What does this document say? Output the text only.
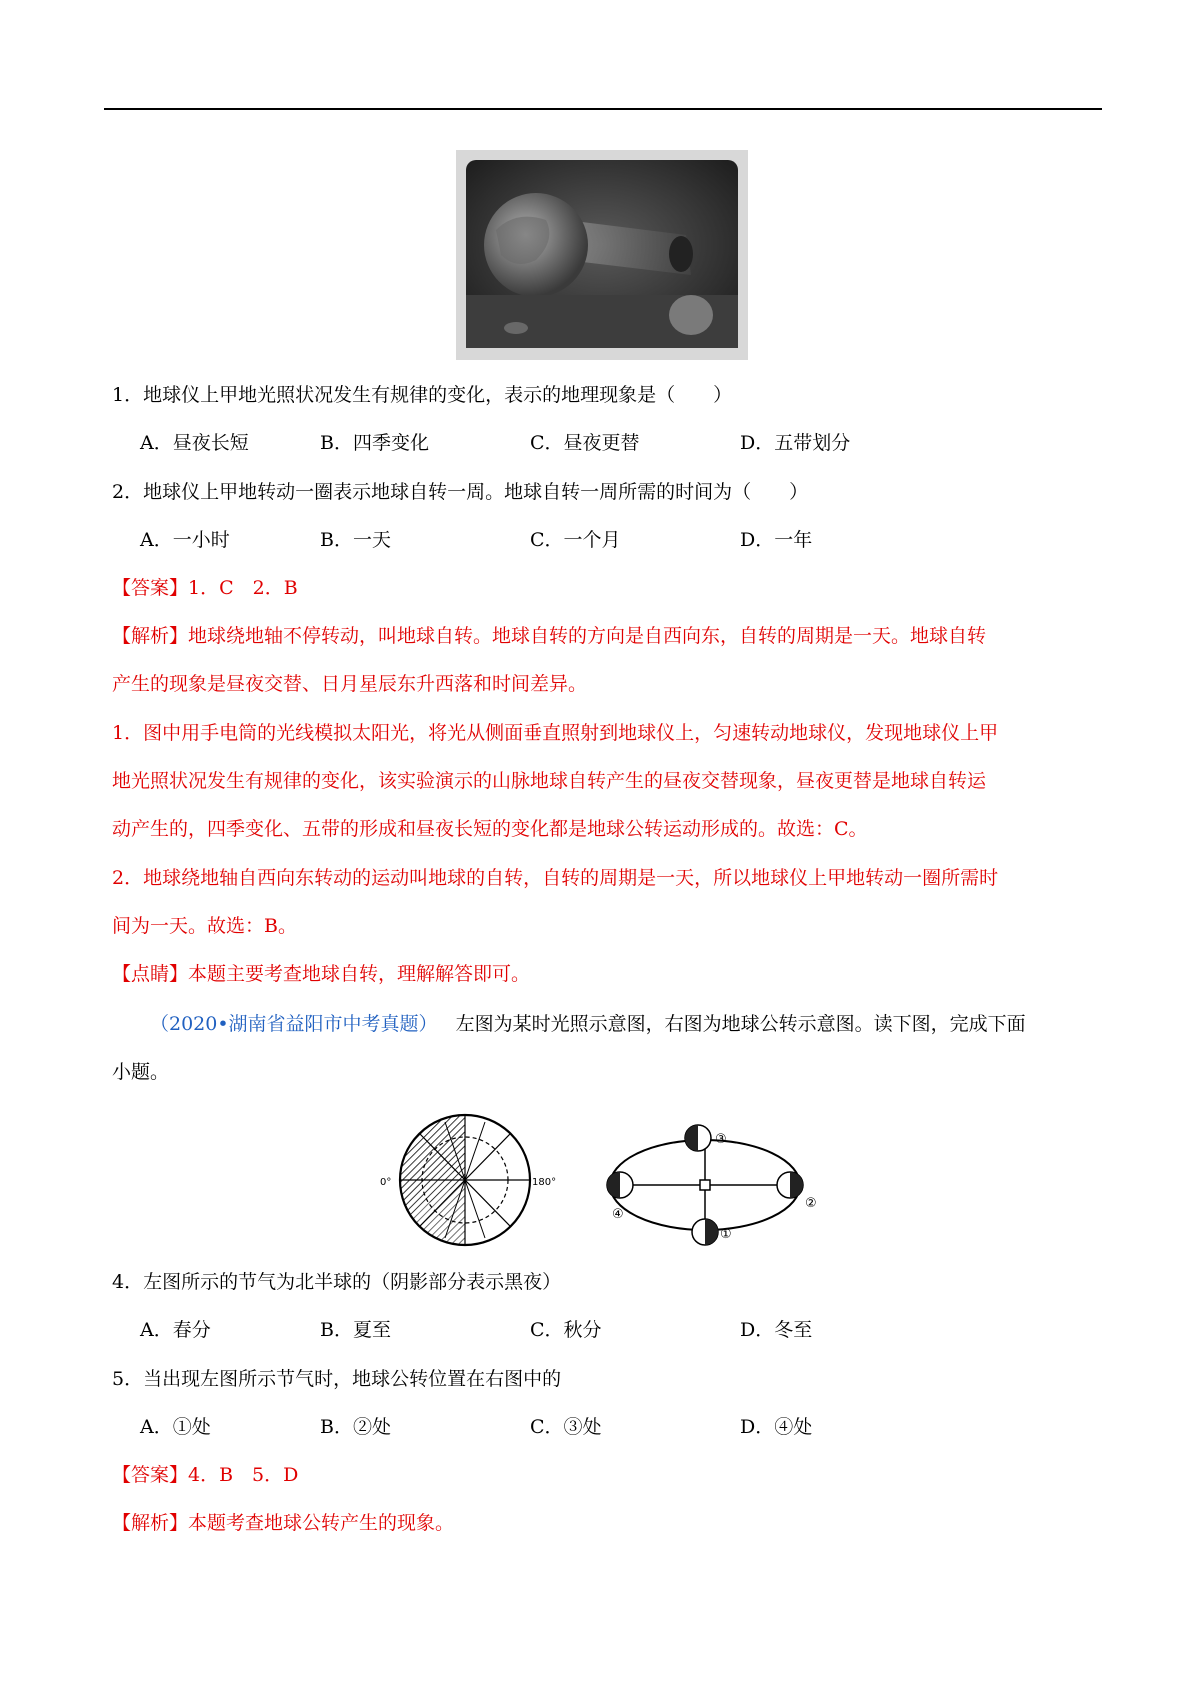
1．地球仪上甲地光照状况发生有规律的变化，表示的地理现象是（　　）
A．昼夜长短	B．四季变化	C．昼夜更替	D．五带划分
2．地球仪上甲地转动一圈表示地球自转一周。地球自转一周所需的时间为（　　）
A．一小时	B．一天	C．一个月	D．一年
【答案】1．C　2．B
【解析】地球绕地轴不停转动，叫地球自转。地球自转的方向是自西向东，自转的周期是一天。地球自转
产生的现象是昼夜交替、日月星辰东升西落和时间差异。
1．图中用手电筒的光线模拟太阳光，将光从侧面垂直照射到地球仪上，匀速转动地球仪，发现地球仪上甲
地光照状况发生有规律的变化，该实验演示的山脉地球自转产生的昼夜交替现象，昼夜更替是地球自转运
动产生的，四季变化、五带的形成和昼夜长短的变化都是地球公转运动形成的。故选：C。
2．地球绕地轴自西向东转动的运动叫地球的自转，自转的周期是一天，所以地球仪上甲地转动一圈所需时
间为一天。故选：B。
【点睛】本题主要考查地球自转，理解解答即可。
（2020•湖南省益阳市中考真题） 左图为某时光照示意图，右图为地球公转示意图。读下图，完成下面
小题。
0°	180°
③
②
①
④
4．左图所示的节气为北半球的（阴影部分表示黑夜）
A．春分	B．夏至	C．秋分	D．冬至
5．当出现左图所示节气时，地球公转位置在右图中的
A．①处	B．②处	C．③处	D．④处
【答案】4．B　5．D
【解析】本题考查地球公转产生的现象。
